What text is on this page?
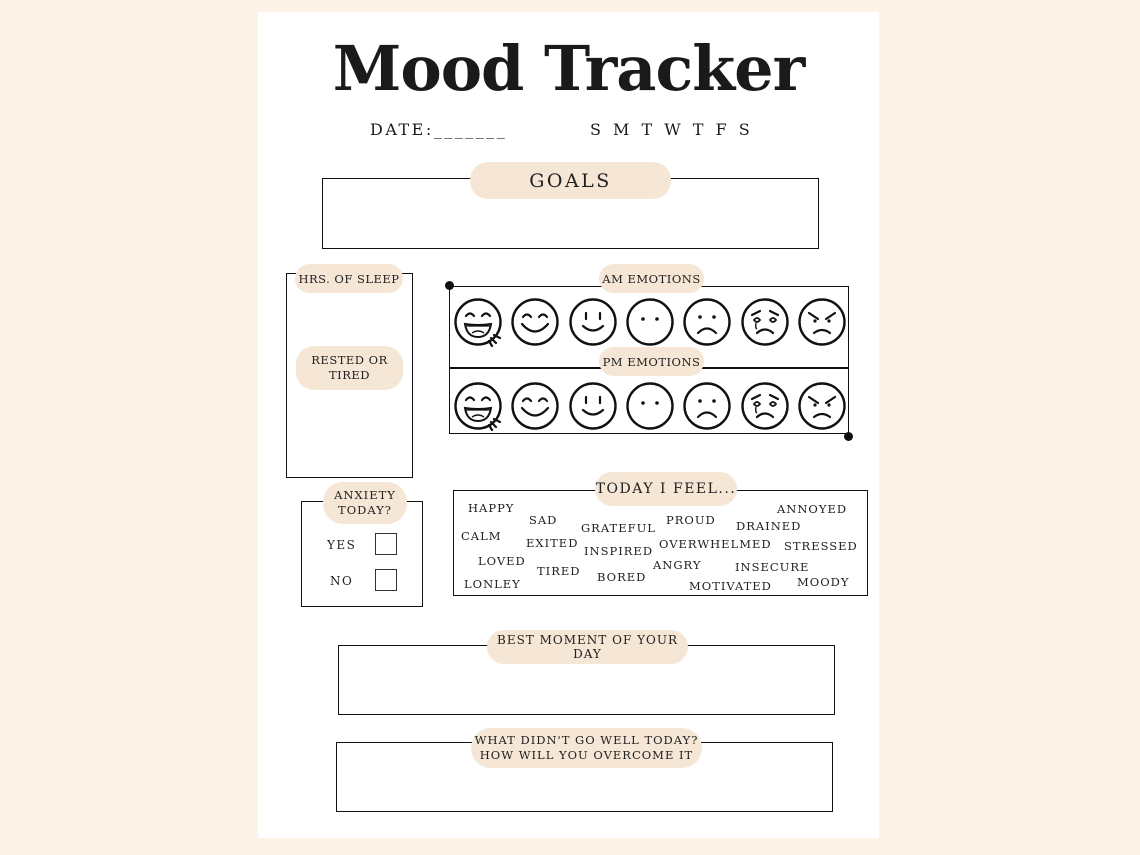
Mood Tracker
DATE:_______	S M T W T F S
GOALS
HRS. OF SLEEP
RESTED OR
TIRED
AM EMOTIONS
PM EMOTIONS
ANXIETY
TODAY?
YES
NO
TODAY I FEEL...
HAPPY
SAD
CALM EXITED
GRATEFUL
PROUD DRAINED
ANNOYED
LOVED
INSPIRED OVERWHELMED STRESSED
TIRED	ANGRY	INSECURE
LONLEY	BORED
MOTIVATED MOODY
BEST MOMENT OF YOUR DAY
WHAT DIDN'T GO WELL TODAY?
HOW WILL YOU OVERCOME IT
